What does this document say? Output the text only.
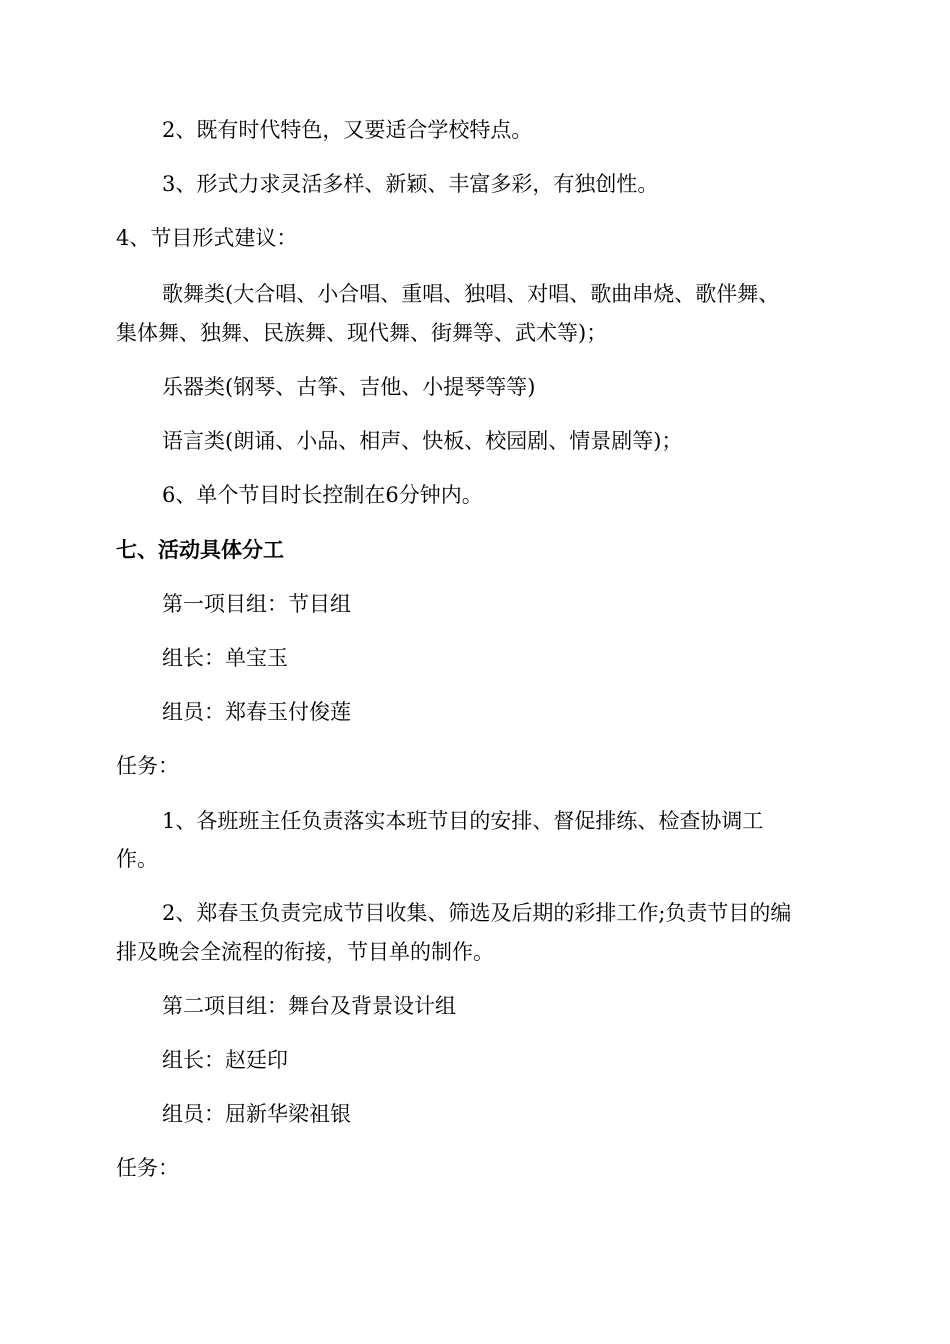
2、既有时代特色，又要适合学校特点。
3、形式力求灵活多样、新颖、丰富多彩，有独创性。
4、节目形式建议：
歌舞类(大合唱、小合唱、重唱、独唱、对唱、歌曲串烧、歌伴舞、
集体舞、独舞、民族舞、现代舞、街舞等、武术等)；
乐器类(钢琴、古筝、吉他、小提琴等等)
语言类(朗诵、小品、相声、快板、校园剧、情景剧等)；
6、单个节目时长控制在6分钟内。
七、活动具体分工
第一项目组：节目组
组长：单宝玉
组员：郑春玉付俊莲
任务：
1、各班班主任负责落实本班节目的安排、督促排练、检查协调工
作。
2、郑春玉负责完成节目收集、筛选及后期的彩排工作;负责节目的编
排及晚会全流程的衔接，节目单的制作。
第二项目组：舞台及背景设计组
组长：赵廷印
组员：屈新华梁祖银
任务：
